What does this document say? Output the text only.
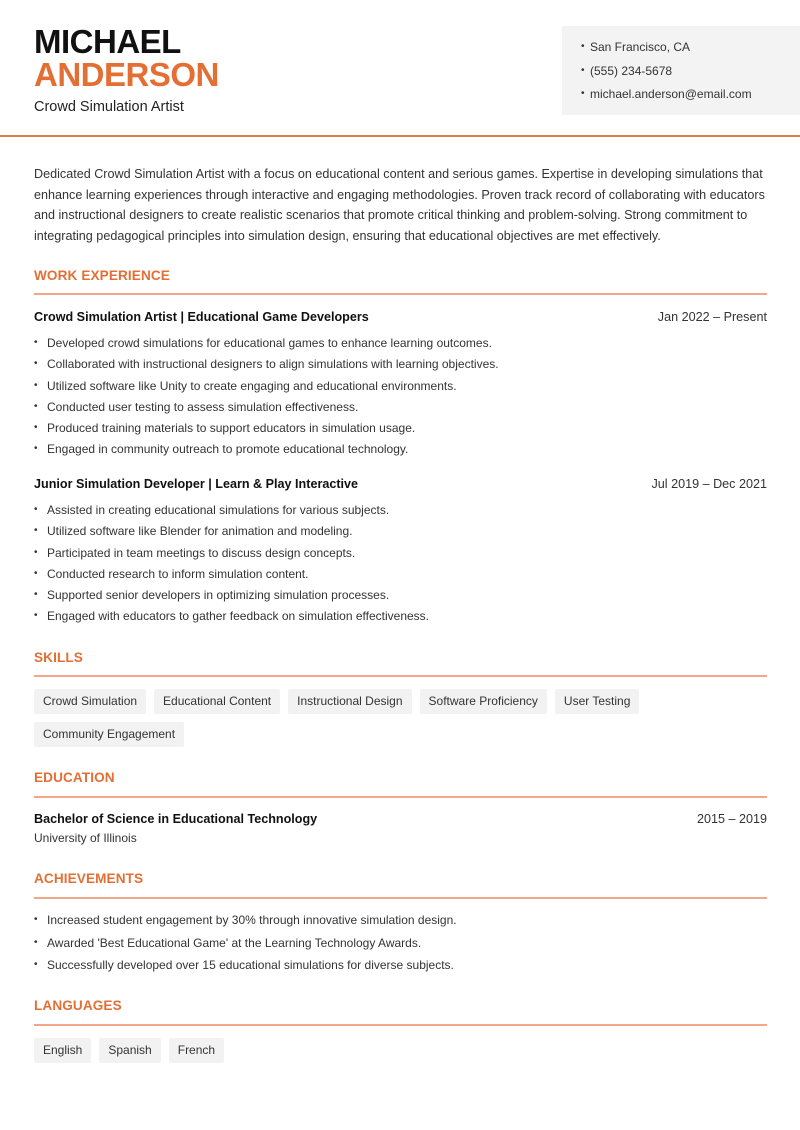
MICHAEL
ANDERSON
Crowd Simulation Artist
• San Francisco, CA
• (555) 234-5678
• michael.anderson@email.com

Dedicated Crowd Simulation Artist with a focus on educational content and serious games. Expertise in developing simulations that enhance learning experiences through interactive and engaging methodologies. Proven track record of collaborating with educators and instructional designers to create realistic scenarios that promote critical thinking and problem-solving. Strong commitment to integrating pedagogical principles into simulation design, ensuring that educational objectives are met effectively.

WORK EXPERIENCE
Crowd Simulation Artist | Educational Game Developers	Jan 2022 – Present
• Developed crowd simulations for educational games to enhance learning outcomes.
• Collaborated with instructional designers to align simulations with learning objectives.
• Utilized software like Unity to create engaging and educational environments.
• Conducted user testing to assess simulation effectiveness.
• Produced training materials to support educators in simulation usage.
• Engaged in community outreach to promote educational technology.
Junior Simulation Developer | Learn & Play Interactive	Jul 2019 – Dec 2021
• Assisted in creating educational simulations for various subjects.
• Utilized software like Blender for animation and modeling.
• Participated in team meetings to discuss design concepts.
• Conducted research to inform simulation content.
• Supported senior developers in optimizing simulation processes.
• Engaged with educators to gather feedback on simulation effectiveness.
SKILLS
Crowd Simulation	Educational Content	Instructional Design	Software Proficiency	User Testing
Community Engagement
EDUCATION
Bachelor of Science in Educational Technology	2015 – 2019
University of Illinois
ACHIEVEMENTS
• Increased student engagement by 30% through innovative simulation design.
• Awarded 'Best Educational Game' at the Learning Technology Awards.
• Successfully developed over 15 educational simulations for diverse subjects.
LANGUAGES
English	Spanish	French
